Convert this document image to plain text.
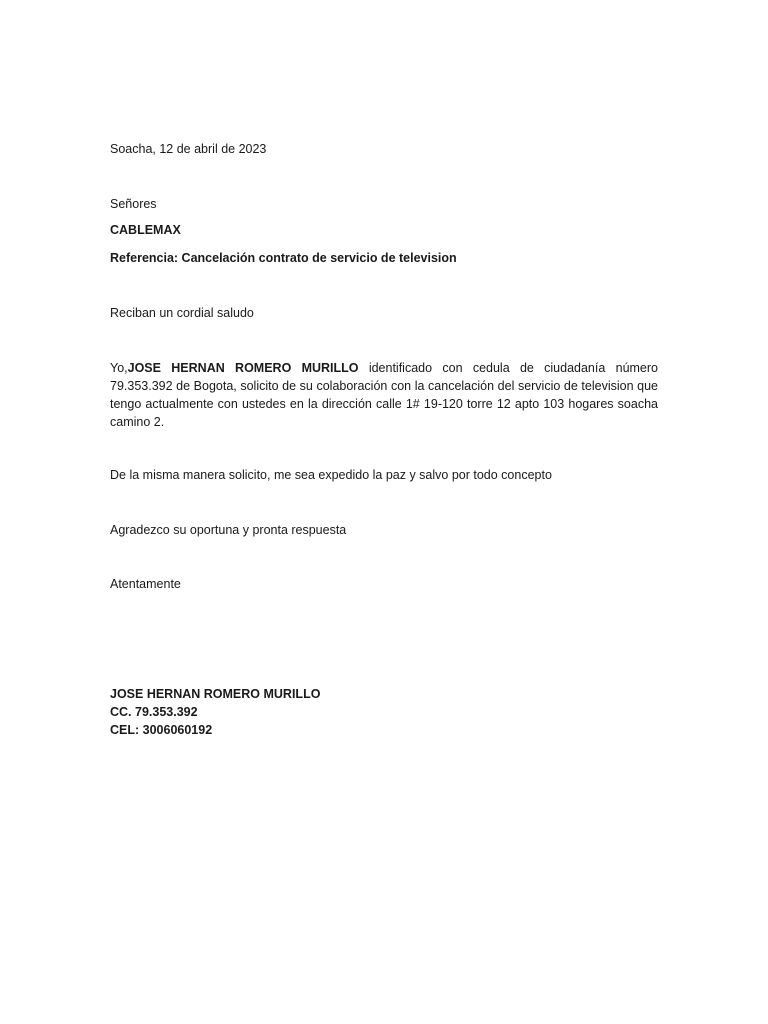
Soacha, 12 de abril de 2023
Señores
CABLEMAX
Referencia: Cancelación contrato de servicio de television
Reciban un cordial saludo
Yo,JOSE HERNAN ROMERO MURILLO identificado con cedula de ciudadanía número 79.353.392 de Bogota, solicito de su colaboración con la cancelación del servicio de television que tengo actualmente con ustedes en la dirección calle 1# 19-120 torre 12 apto 103 hogares soacha camino 2.
De la misma manera solicito, me sea expedido la paz y salvo por todo concepto
Agradezco su oportuna y pronta respuesta
Atentamente
JOSE HERNAN ROMERO MURILLO
CC. 79.353.392
CEL: 3006060192
